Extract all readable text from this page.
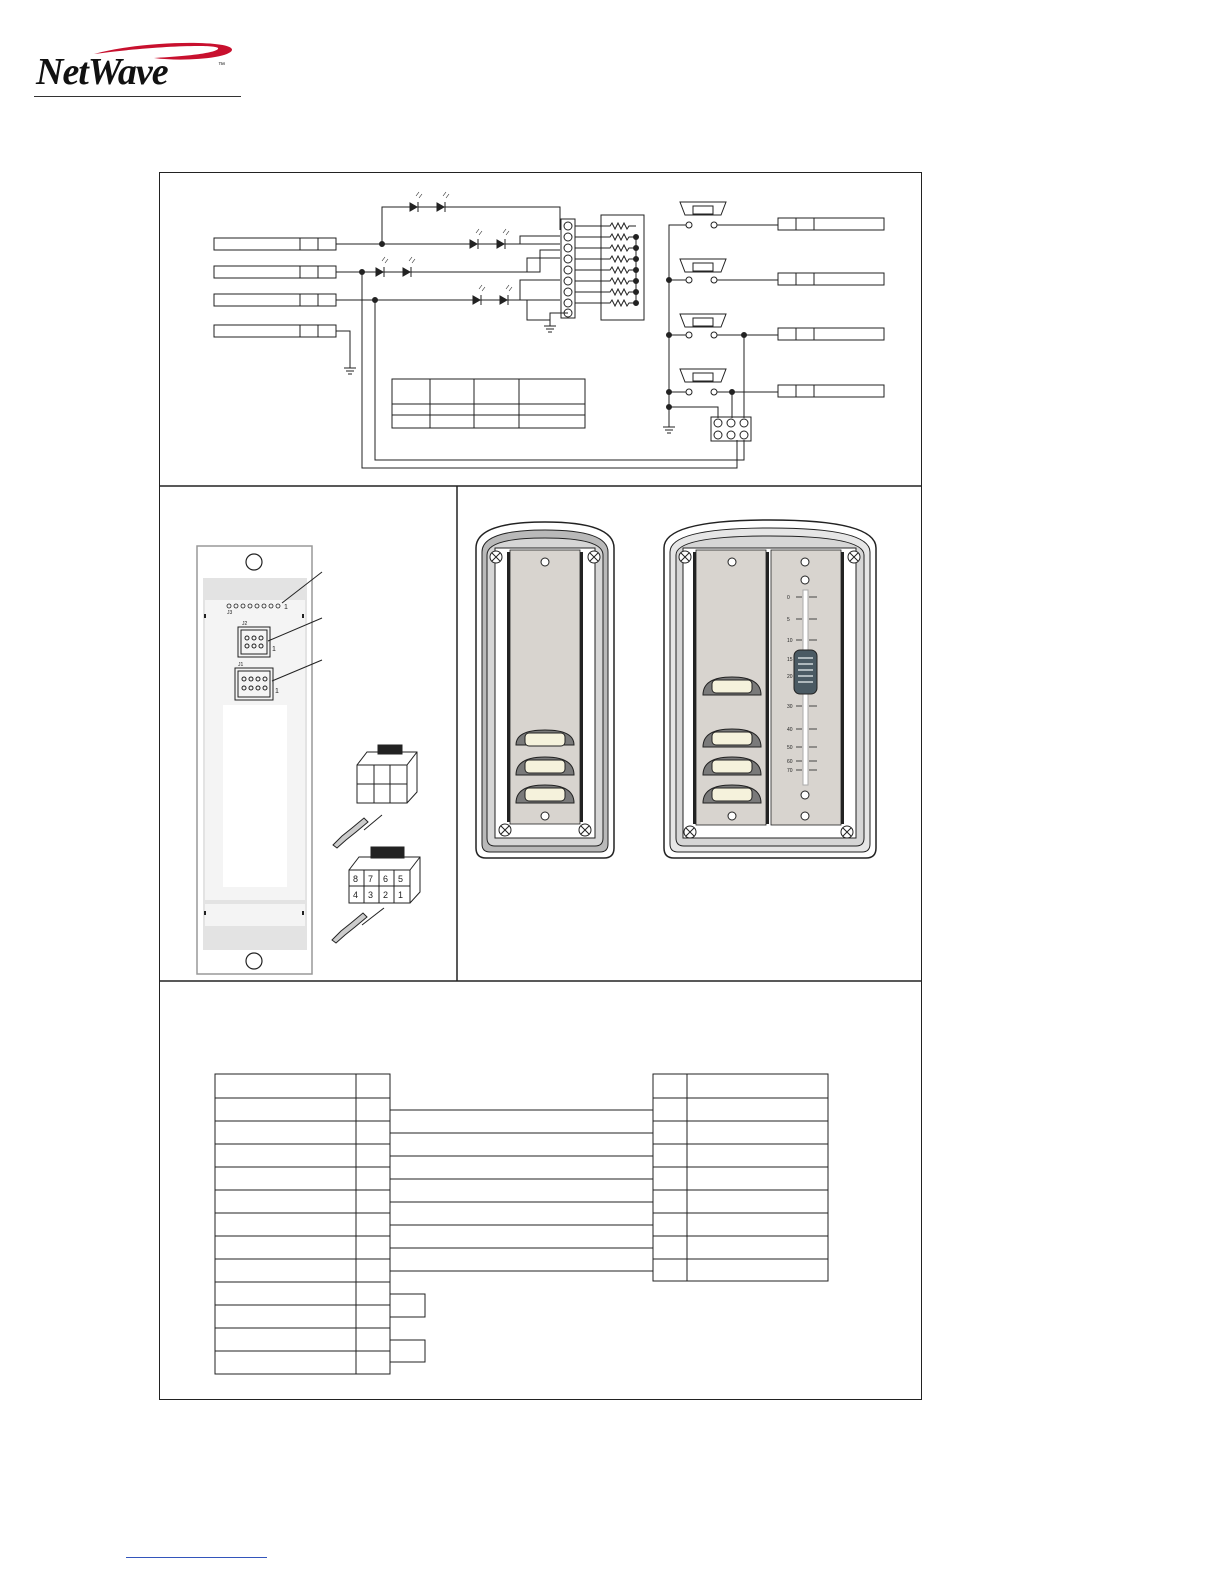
NetWave	™
J3
J2
J1
1
1
1
8 7 6 5
4 3 2 1
0
5
10
15
20
30
40
50
60
70
